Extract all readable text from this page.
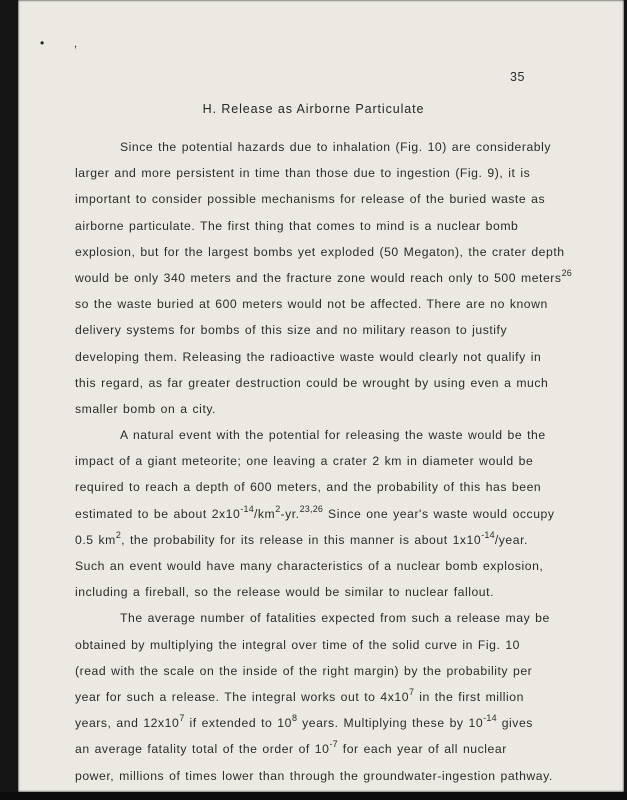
•	,
35
H. Release as Airborne Particulate
Since the potential hazards due to inhalation (Fig. 10) are considerably
larger and more persistent in time than those due to ingestion (Fig. 9), it is
important to consider possible mechanisms for release of the buried waste as
airborne particulate. The first thing that comes to mind is a nuclear bomb
explosion, but for the largest bombs yet exploded (50 Megaton), the crater depth
would be only 340 meters and the fracture zone would reach only to 500 meters$^{26}$
so the waste buried at 600 meters would not be affected. There are no known
delivery systems for bombs of this size and no military reason to justify
developing them. Releasing the radioactive waste would clearly not qualify in
this regard, as far greater destruction could be wrought by using even a much
smaller bomb on a city.
A natural event with the potential for releasing the waste would be the
impact of a giant meteorite; one leaving a crater 2 km in diameter would be
required to reach a depth of 600 meters, and the probability of this has been
estimated to be about $2x10^{-14}/km^2-yr.^{23,26}$ Since one year's waste would occupy
0.5 $km^2$, the probability for its release in this manner is about $1x10^{-14}$/year.
Such an event would have many characteristics of a nuclear bomb explosion,
including a fireball, so the release would be similar to nuclear fallout.
The average number of fatalities expected from such a release may be
obtained by multiplying the integral over time of the solid curve in Fig. 10
(read with the scale on the inside of the right margin) by the probability per
year for such a release. The integral works out to $4x10^7$ in the first million
years, and $12x10^7$ if extended to $10^8$ years. Multiplying these by $10^{-14}$ gives
an average fatality total of the order of $10^{-7}$ for each year of all nuclear
power, millions of times lower than through the groundwater-ingestion pathway.
